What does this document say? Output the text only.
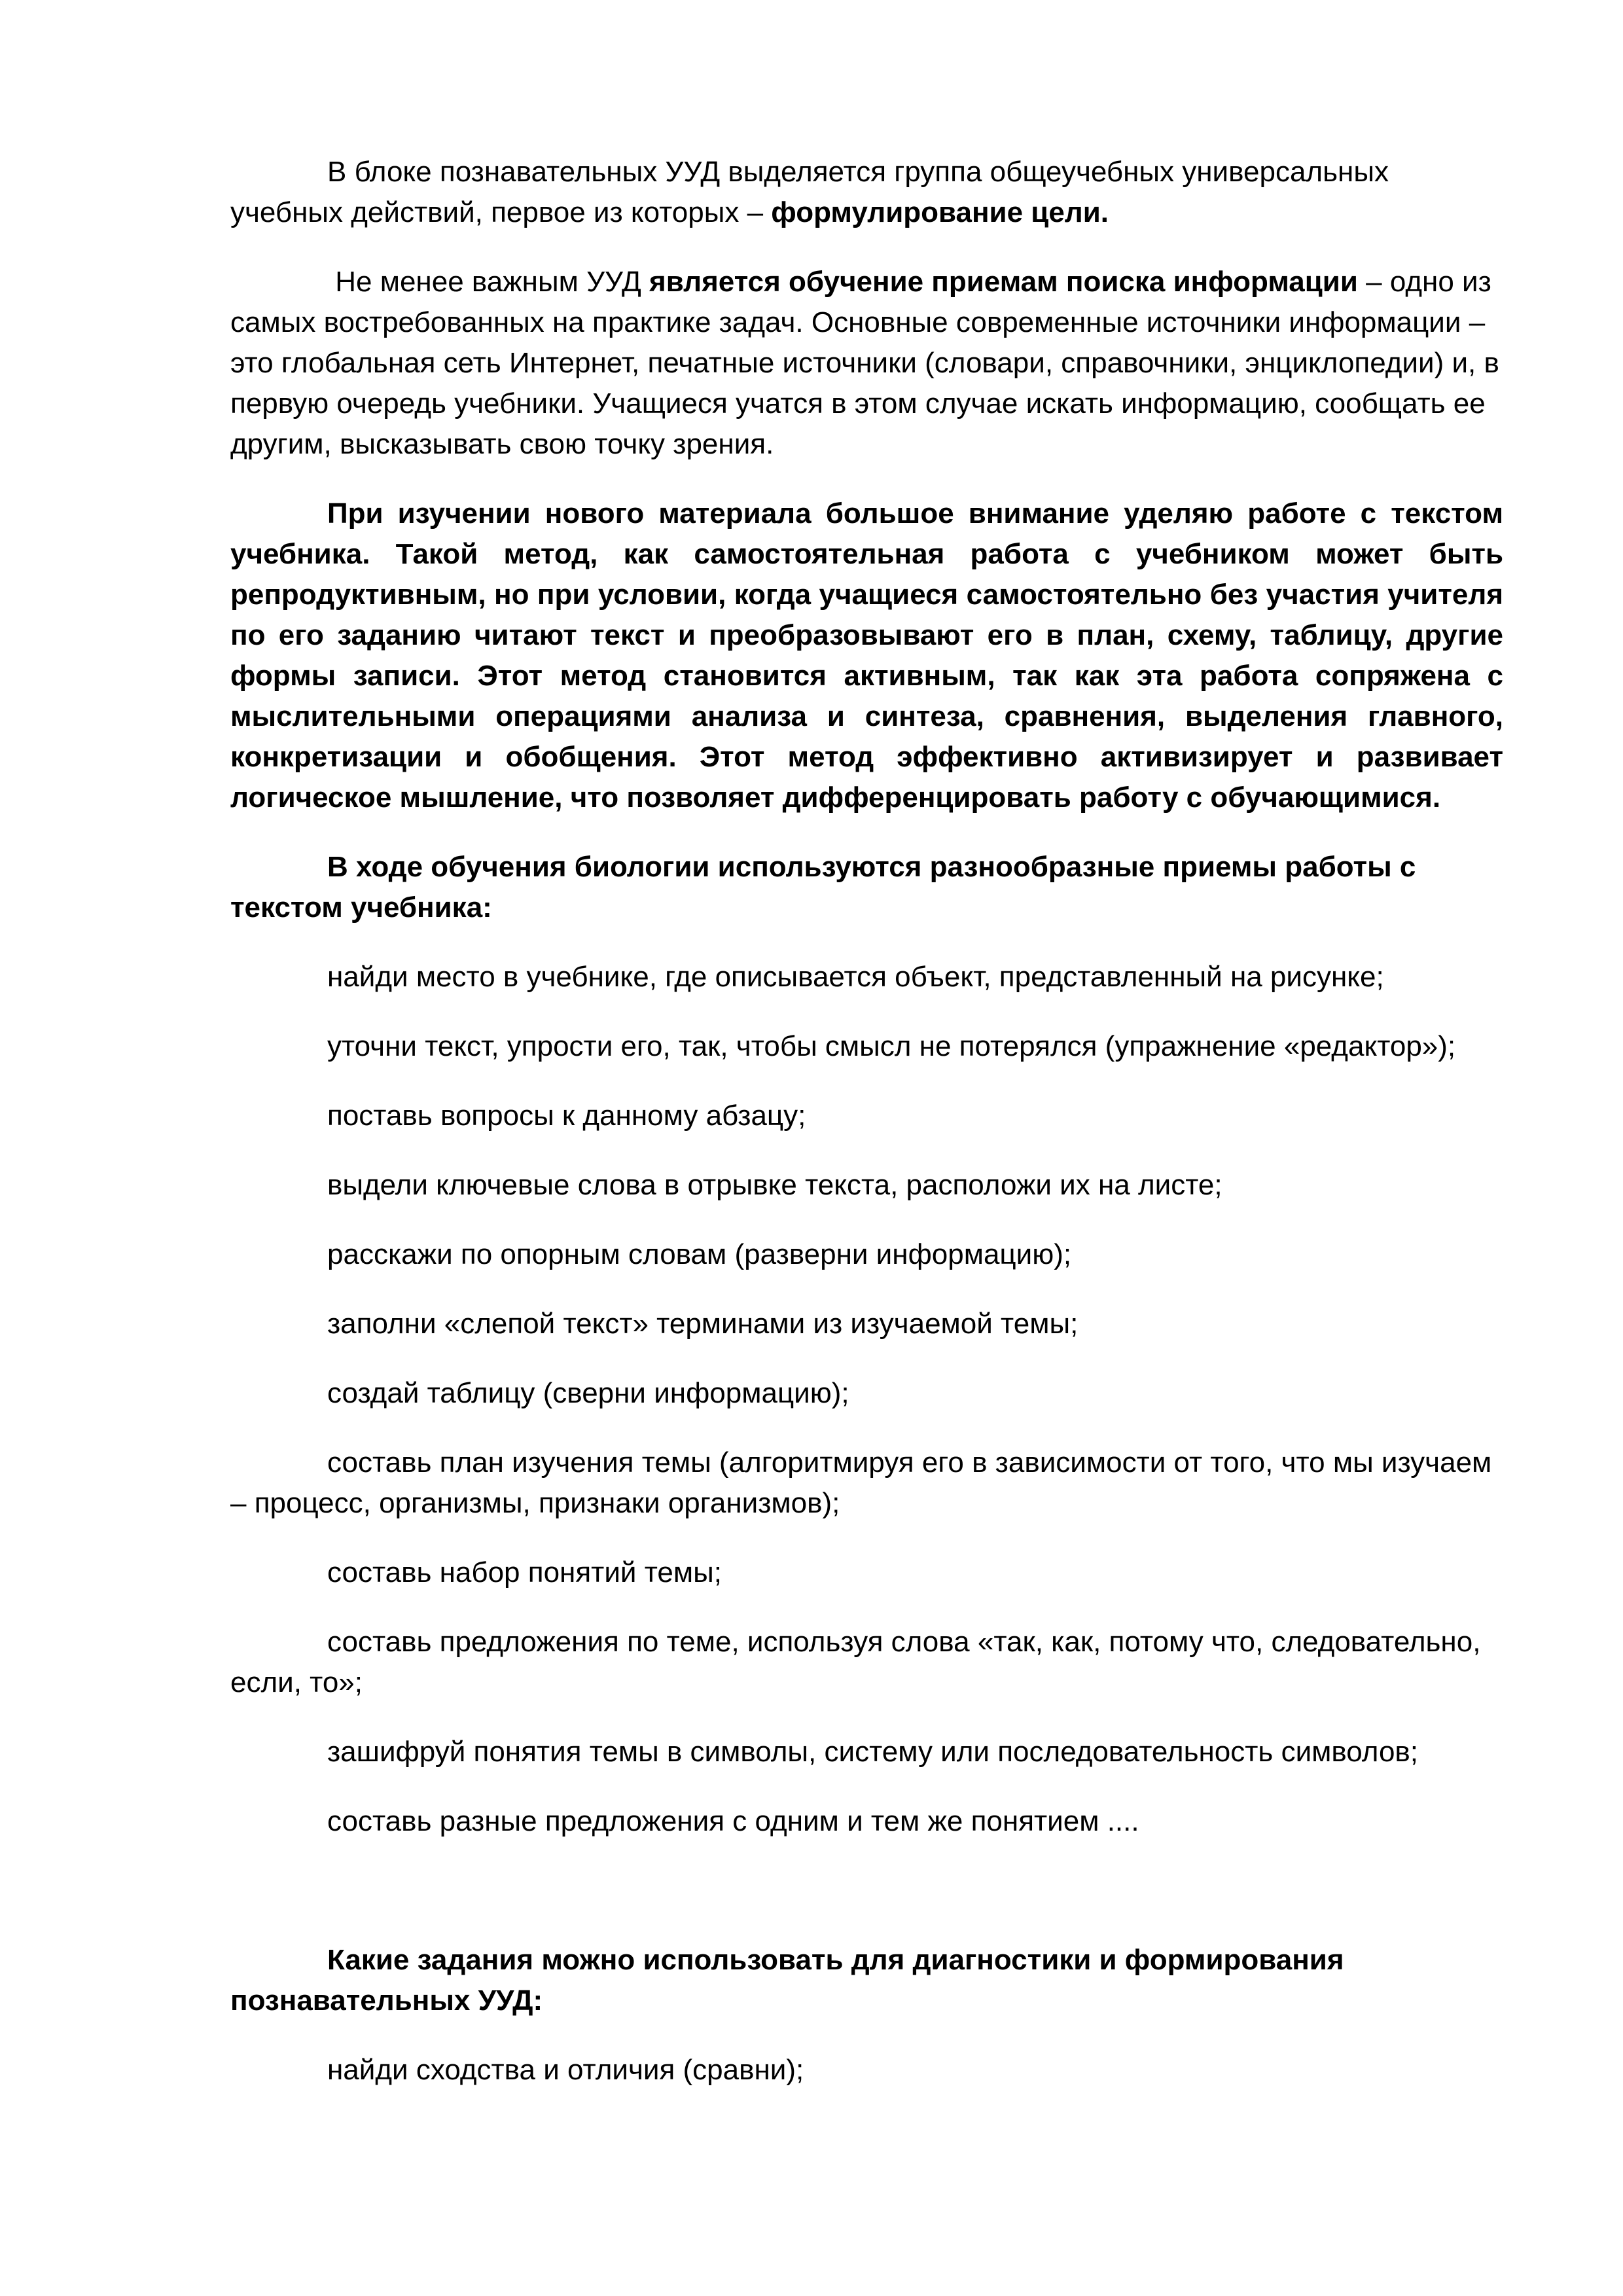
В блоке познавательных УУД выделяется группа общеучебных универсальных учебных действий, первое из которых – формулирование цели.

Не менее важным УУД является обучение приемам поиска информации – одно из самых востребованных на практике задач. Основные современные источники информации – это глобальная сеть Интернет, печатные источники (словари, справочники, энциклопедии) и, в первую очередь учебники. Учащиеся учатся в этом случае искать информацию, сообщать ее другим, высказывать свою точку зрения.

При изучении нового материала большое внимание уделяю работе с текстом учебника. Такой метод, как самостоятельная работа с учебником может быть репродуктивным, но при условии, когда учащиеся самостоятельно без участия учителя по его заданию читают текст и преобразовывают его в план, схему, таблицу, другие формы записи. Этот метод становится активным, так как эта работа сопряжена с мыслительными операциями анализа и синтеза, сравнения, выделения главного, конкретизации и обобщения. Этот метод эффективно активизирует и развивает логическое мышление, что позволяет дифференцировать работу с обучающимися.

В ходе обучения биологии используются разнообразные приемы работы с текстом учебника:

найди место в учебнике, где описывается объект, представленный на рисунке;

уточни текст, упрости его, так, чтобы смысл не потерялся (упражнение «редактор»);

поставь вопросы к данному абзацу;

выдели ключевые слова в отрывке текста, расположи их на листе;

расскажи по опорным словам (разверни информацию);

заполни «слепой текст» терминами из изучаемой темы;

создай таблицу (сверни информацию);

составь план изучения темы (алгоритмируя его в зависимости от того, что мы изучаем – процесс, организмы, признаки организмов);

составь набор понятий темы;

составь предложения по теме, используя слова «так, как, потому что, следовательно, если, то»;

зашифруй понятия темы в символы, систему или последовательность символов;

составь разные предложения с одним и тем же понятием ....

Какие задания можно использовать для диагностики и формирования познавательных УУД:

найди сходства и отличия (сравни);
